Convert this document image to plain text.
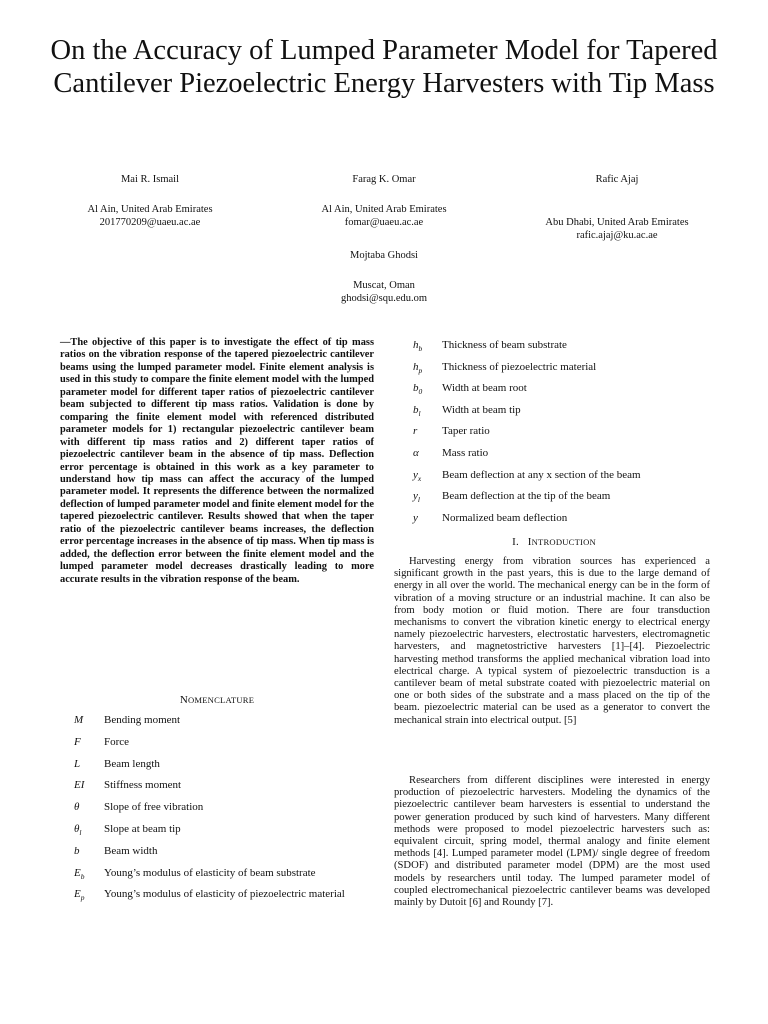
On the Accuracy of Lumped Parameter Model for Tapered Cantilever Piezoelectric Energy Harvesters with Tip Mass
Mai R. Ismail
Al Ain, United Arab Emirates
201770209@uaeu.ac.ae
Farag K. Omar
Al Ain, United Arab Emirates
fomar@uaeu.ac.ae
Rafic Ajaj
Abu Dhabi, United Arab Emirates
rafic.ajaj@ku.ac.ae
Mojtaba Ghodsi
Muscat, Oman
ghodsi@squ.edu.om

—The objective of this paper is to investigate the effect of tip mass ratios on the vibration response of the tapered piezoelectric cantilever beams using the lumped parameter model. Finite element analysis is used in this study to compare the finite element model with the lumped parameter model for different taper ratios of piezoelectric cantilever beam subjected to different tip mass ratios. Validation is done by comparing the finite element model with referenced distributed parameter models for 1) rectangular piezoelectric cantilever beam with different tip mass ratios and 2) different taper ratios of piezoelectric cantilever beam in the absence of tip mass. Deflection error percentage is obtained in this work as a key parameter to understand how tip mass can affect the accuracy of the lumped parameter model. It represents the difference between the normalized deflection of lumped parameter model and finite element model for the tapered piezoelectric cantilever. Results showed that when the taper ratio of the piezoelectric cantilever beams increases, the deflection error percentage increases in the absence of tip mass. When tip mass is added, the deflection error between the finite element model and the lumped parameter model decreases drastically leading to more accurate results in the vibration response of the beam.

NOMENCLATURE
M Bending moment
F Force
L Beam length
EI Stiffness moment
θ Slope of free vibration
$\theta_l$ Slope at beam tip
b Beam width
$E_b$ Young’s modulus of elasticity of beam substrate
$E_p$ Young’s modulus of elasticity of piezoelectric material
$h_b$ Thickness of beam substrate
$h_p$ Thickness of piezoelectric material
$b_0$ Width at beam root
$b_l$ Width at beam tip
r Taper ratio
α Mass ratio
$y_x$ Beam deflection at any x section of the beam
$y_l$ Beam deflection at the tip of the beam
y Normalized beam deflection
I. INTRODUCTION

Harvesting energy from vibration sources has experienced a significant growth in the past years, this is due to the large demand of energy in all over the world. The mechanical energy can be in the form of vibration of a moving structure or an industrial machine. It can also be from body motion or fluid motion. There are four transduction mechanisms to convert the vibration kinetic energy to electrical energy namely piezoelectric harvesters, electrostatic harvesters, electromagnetic harvesters, and magnetostrictive harvesters [1]–[4]. Piezoelectric harvesting method transforms the applied mechanical vibration load into electrical charge. A typical system of piezoelectric transduction is a cantilever beam of metal substrate coated with piezoelectric material on one or both sides of the substrate and a mass placed on the tip of the beam. piezoelectric material can be used as a generator to convert the mechanical strain into electrical output. [5]

Researchers from different disciplines were interested in energy production of piezoelectric harvesters. Modeling the dynamics of the piezoelectric cantilever beam harvesters is essential to understand the power generation produced by such kind of harvesters. Many different methods were proposed to model piezoelectric harvesters such as: equivalent circuit, spring model, thermal analogy and finite element methods [4]. Lumped parameter model (LPM)/ single degree of freedom (SDOF) and distributed parameter model (DPM) are the most used models by researchers until today. The lumped parameter model of coupled electromechanical piezoelectric cantilever beams was developed mainly by Dutoit [6] and Roundy [7].
